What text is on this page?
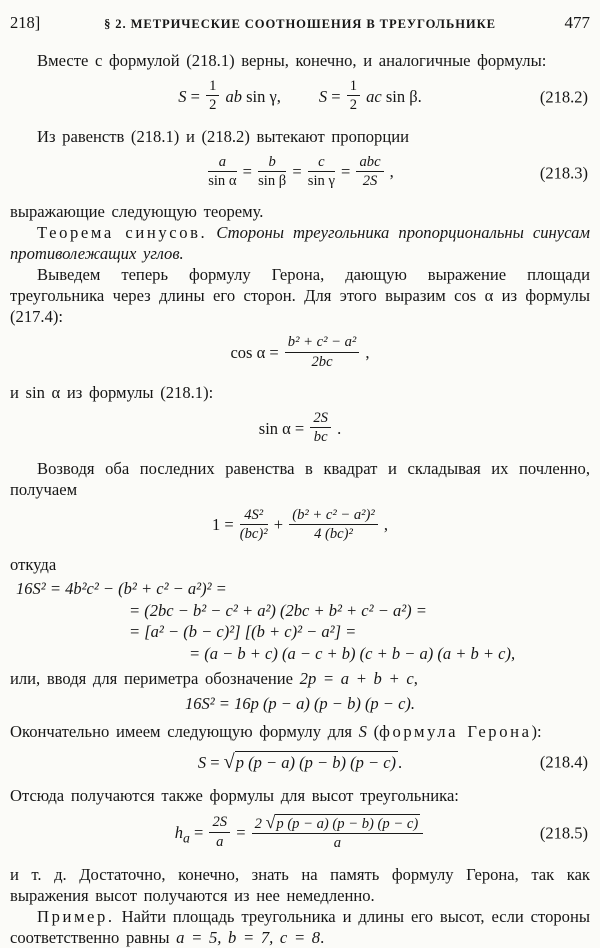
218]	§ 2. МЕТРИЧЕСКИЕ СООТНОШЕНИЯ В ТРЕУГОЛЬНИКЕ	477

Вместе с формулой (218.1) верны, конечно, и аналогичные формулы:

$S = \frac{1}{2}$ ab sin γ, $S = \frac{1}{2}$ ac sin β.	(218.2)

Из равенств (218.1) и (218.2) вытекают пропорции

$\frac{a}{\text{sin α}} = \frac{b}{\text{sin β}} = \frac{c}{\text{sin γ}} = \frac{\text{abc}}{2S}$ ,	(218.3)

выражающие следующую теорему.

Теорема синусов. Стороны треугольника пропорциональны синусам противолежащих углов.

Выведем теперь формулу Герона, дающую выражение площади треугольника через длины его сторон. Для этого выразим cos α из формулы (217.4):

$\cos \alpha = \frac{\text{b² + c² − a²}}{2bc}$ ,

и sin α из формулы (218.1):

$\sin \alpha = \frac{2S}{bc}$ .

Возводя оба последних равенства в квадрат и складывая их почленно, получаем

$1 = \frac{\text{4S²}}{\text{(bc)²}} + \frac{\text{(b² + c² − a²)²}}{\text{4 (bc)²}}$ ,

откуда

16S² = 4b²c² − (b² + c² − a²)² =
= (2bc − b² − c² + a²) (2bc + b² + c² − a²) =
= [a² − (b − c)²] [(b + c)² − a²] =
= (a − b + c) (a − c + b) (c + b − a) (a + b + c),

или, вводя для периметра обозначение 2p = a + b + c,

16S² = 16p (p − a) (p − b) (p − c).

Окончательно имеем следующую формулу для S (формула Герона):

S = √p (p − a) (p − b) (p − c) .	(218.4)

Отсюда получаются также формулы для высот треугольника:

$h_a = \frac{2S}{a} = \frac{2 √p (p - a) (p - b) (p - c)}{a}$	(218.5)

и т. д. Достаточно, конечно, знать на память формулу Герона, так как выражения высот получаются из нее немедленно.

Пример. Найти площадь треугольника и длины его высот, если стороны соответственно равны a = 5, b = 7, c = 8.
